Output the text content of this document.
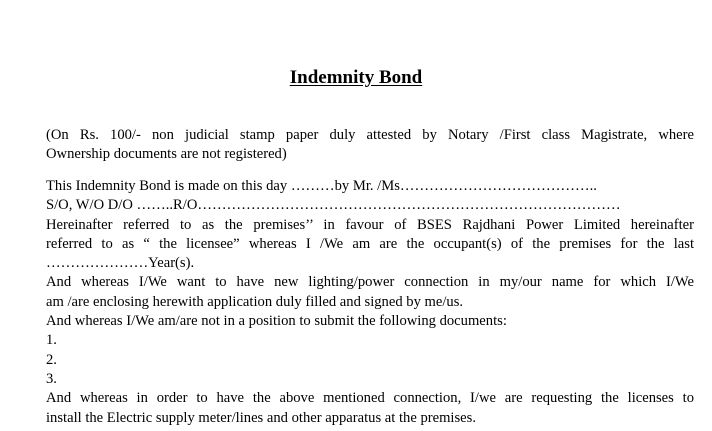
Indemnity Bond
(On Rs. 100/- non judicial stamp paper duly attested by Notary /First class Magistrate, where
Ownership documents are not registered)
This Indemnity Bond is made on this day ………by Mr. /Ms…………………………………..
S/O, W/O D/O ……..R/O……………………………………………………………………………
Hereinafter referred to as the premises’’ in favour of BSES Rajdhani Power Limited hereinafter
referred to as “ the licensee” whereas I /We am are the occupant(s) of the premises for the last
…………………Year(s).
And whereas I/We want to have new lighting/power connection in my/our name for which I/We
am /are enclosing herewith application duly filled and signed by me/us.
And whereas I/We am/are not in a position to submit the following documents:
1.
2.
3.
And whereas in order to have the above mentioned connection, I/we are requesting the licenses to
install the Electric supply meter/lines and other apparatus at the premises.
